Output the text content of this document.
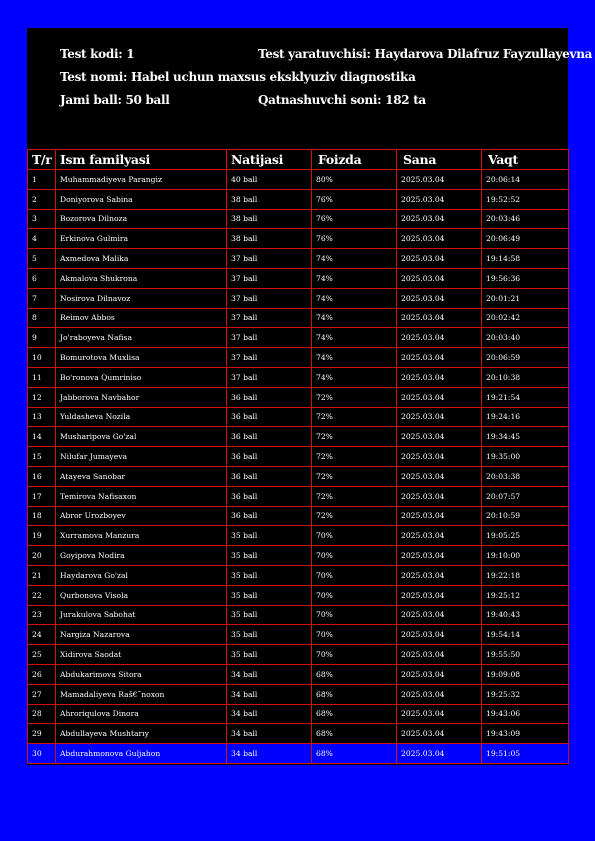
Test kodi: 1	Test yaratuvchisi: Haydarova Dilafruz Fayzullayevna
Test nomi: Habel uchun maxsus eksklyuziv diagnostika
Jami ball: 50 ball	Qatnashuvchi soni: 182 ta
T/r	Ism familyasi	Natijasi	Foizda	Sana	Vaqt
1	Muhammadiyeva Parangiz	40 ball	80%	2025.03.04	20:06:14
2	Doniyorova Sabina	38 ball	76%	2025.03.04	19:52:52
3	Bozorova Dilnoza	38 ball	76%	2025.03.04	20:03:46
4	Erkinova Gulmira	38 ball	76%	2025.03.04	20:06:49
5	Axmedova Malika	37 ball	74%	2025.03.04	19:14:58
6	Akmalova Shukrona	37 ball	74%	2025.03.04	19:56:36
7	Nosirova Dilnavoz	37 ball	74%	2025.03.04	20:01:21
8	Reimov Abbos	37 ball	74%	2025.03.04	20:02:42
9	Jo'raboyeva Nafisa	37 ball	74%	2025.03.04	20:03:40
10	Bomurotova Muxlisa	37 ball	74%	2025.03.04	20:06:59
11	Bo'ronova Qumriniso	37 ball	74%	2025.03.04	20:10:38
12	Jabborova Navbahor	36 ball	72%	2025.03.04	19:21:54
13	Yuldasheva Nozila	36 ball	72%	2025.03.04	19:24:16
14	Musharipova Go'zal	36 ball	72%	2025.03.04	19:34:45
15	Nilufar Jumayeva	36 ball	72%	2025.03.04	19:35:00
16	Atayeva Sanobar	36 ball	72%	2025.03.04	20:03:38
17	Temirova Nafisaxon	36 ball	72%	2025.03.04	20:07:57
18	Abror Urozboyev	36 ball	72%	2025.03.04	20:10:59
19	Xurramova Manzura	35 ball	70%	2025.03.04	19:05:25
20	Goyipova Nodira	35 ball	70%	2025.03.04	19:10:00
21	Haydarova Go'zal	35 ball	70%	2025.03.04	19:22:18
22	Qurbonova Visola	35 ball	70%	2025.03.04	19:25:12
23	Jurakulova Sabohat	35 ball	70%	2025.03.04	19:40:43
24	Nargiza Nazarova	35 ball	70%	2025.03.04	19:54:14
25	Xidirova Saodat	35 ball	70%	2025.03.04	19:55:50
26	Abdukarimova Sitora	34 ball	68%	2025.03.04	19:09:08
27	Mamadaliyeva Raš€˜noxon	34 ball	68%	2025.03.04	19:25:32
28	Ahroriqulova Dinora	34 ball	68%	2025.03.04	19:43:06
29	Abdullayeva Mushtarıy	34 ball	68%	2025.03.04	19:43:09
30	Abdurahmonova Guljahon	34 ball	68%	2025.03.04	19:51:05
